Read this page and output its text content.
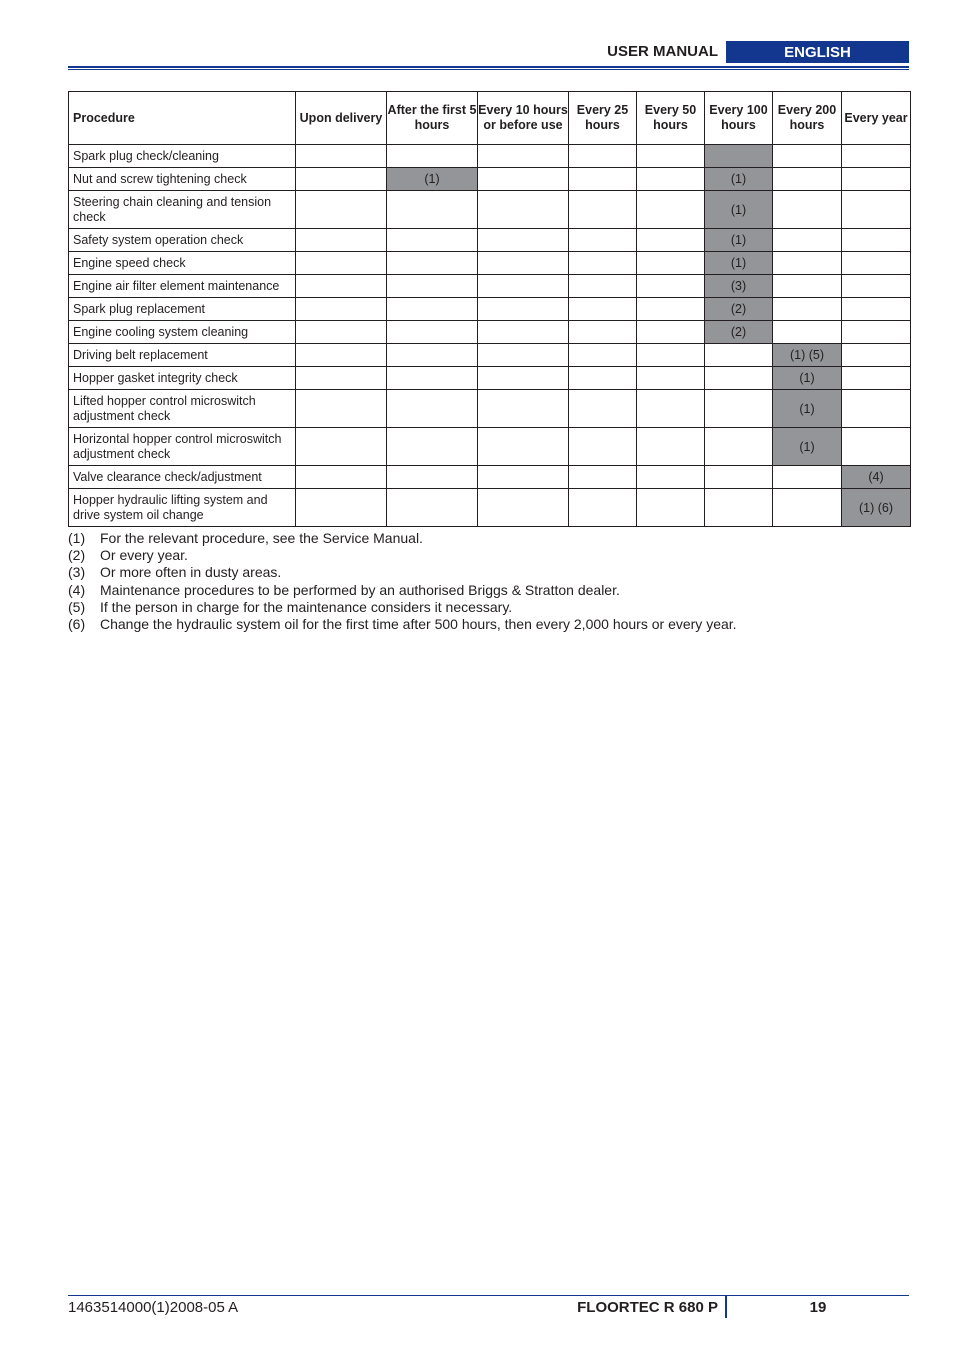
USER MANUAL	ENGLISH
Procedure	Upon delivery	After the first 5 hours	Every 10 hours or before use	Every 25 hours	Every 50 hours	Every 100 hours	Every 200 hours	Every year
Spark plug check/cleaning								
Nut and screw tightening check		(1)				(1)		
Steering chain cleaning and tension check						(1)		
Safety system operation check						(1)		
Engine speed check						(1)		
Engine air filter element maintenance						(3)		
Spark plug replacement						(2)		
Engine cooling system cleaning						(2)		
Driving belt replacement							(1) (5)	
Hopper gasket integrity check							(1)	
Lifted hopper control microswitch adjustment check							(1)	
Horizontal hopper control microswitch adjustment check							(1)	
Valve clearance check/adjustment								(4)
Hopper hydraulic lifting system and drive system oil change								(1) (6)
(1)	For the relevant procedure, see the Service Manual.
(2)	Or every year.
(3)	Or more often in dusty areas.
(4)	Maintenance procedures to be performed by an authorised Briggs & Stratton dealer.
(5)	If the person in charge for the maintenance considers it necessary.
(6)	Change the hydraulic system oil for the first time after 500 hours, then every 2,000 hours or every year.
1463514000(1)2008-05 A	FLOORTEC R 680 P	19
